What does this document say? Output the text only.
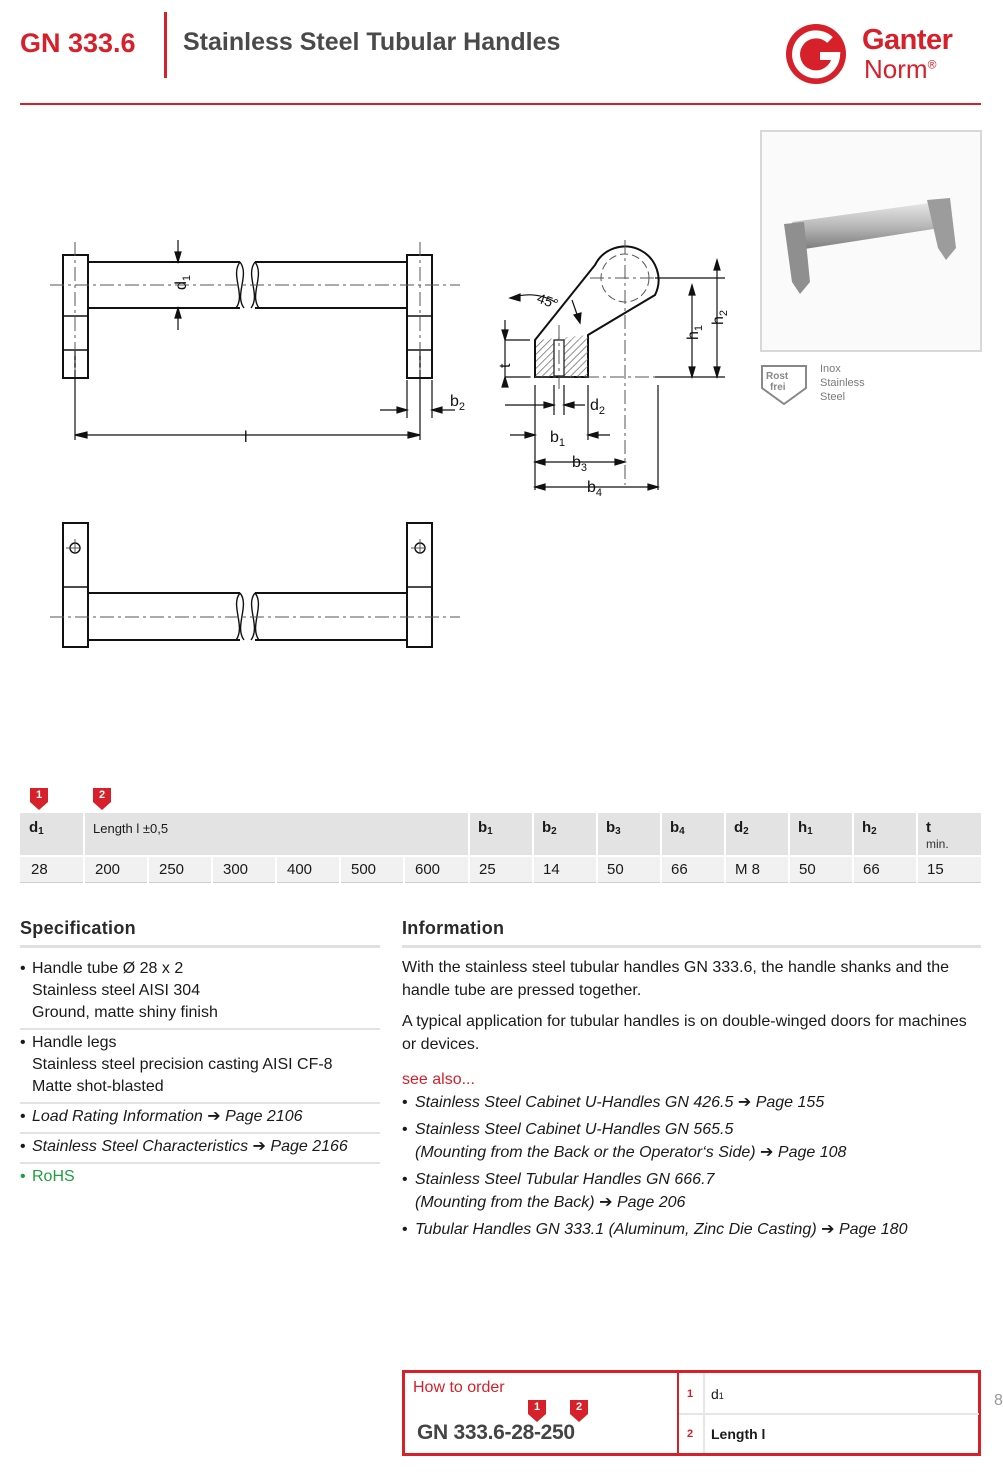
GN 333.6 Stainless Steel Tubular Handles	Ganter
Norm®
$d_1$
l
$b_2$
45°
$h_1$
$h_2$
t
$d_2$
$b_1$
$b_3$
$b_4$
Rost
frei
Inox
Stainless
Steel
1	2
d1	Length l ±0,5	b1	b2	b3	b4	d2	h1	h2	t
min.
28	200	250	300	400	500	600	25	14	50	66	M 8	50	66	15
Specification
• Handle tube Ø 28 x 2
Stainless steel AISI 304
Ground, matte shiny finish
• Handle legs
Stainless steel precision casting AISI CF-8
Matte shot-blasted
• Load Rating Information ➔ Page 2106
• Stainless Steel Characteristics ➔ Page 2166
• RoHS
Information

With the stainless steel tubular handles GN 333.6, the handle shanks and the handle tube are pressed together.

A typical application for tubular handles is on double-winged doors for machines or devices.

see also...
• Stainless Steel Cabinet U-Handles GN 426.5 ➔ Page 155
• Stainless Steel Cabinet U-Handles GN 565.5
(Mounting from the Back or the Operator‘s Side) ➔ Page 108
• Stainless Steel Tubular Handles GN 666.7
(Mounting from the Back) ➔ Page 206
• Tubular Handles GN 333.1 (Aluminum, Zinc Die Casting) ➔ Page 180
How to order
1	2
GN 333.6-28-250
1 d1
2 Length l
8
